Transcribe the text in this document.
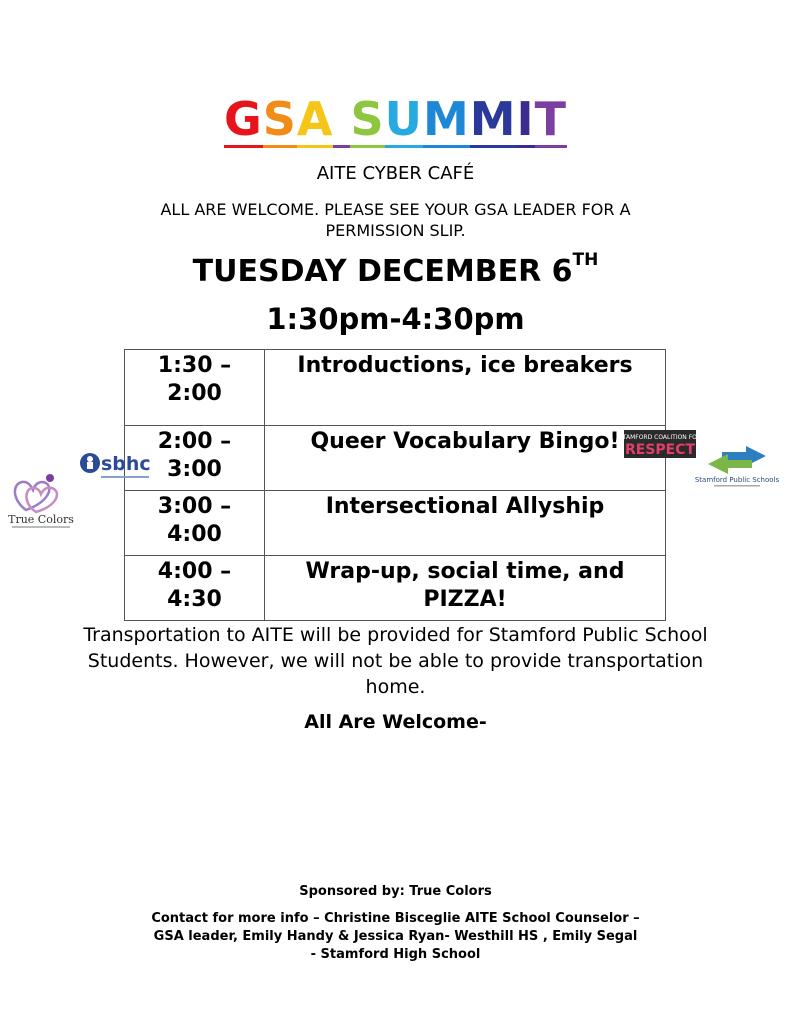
GSA SUMMIT
AITE CYBER CAFÉ
ALL ARE WELCOME. PLEASE SEE YOUR GSA LEADER FOR A PERMISSION SLIP.
TUESDAY DECEMBER 6TH
1:30pm-4:30pm
1:30 – 2:00	Introductions, ice breakers
2:00 – 3:00	Queer Vocabulary Bingo!
3:00 – 4:00	Intersectional Allyship
4:00 – 4:30	Wrap-up, social time, and PIZZA!
Transportation to AITE will be provided for Stamford Public School Students. However, we will not be able to provide transportation home.
All Are Welcome-
Sponsored by: True Colors
Contact for more info – Christine Bisceglie AITE School Counselor – GSA leader, Emily Handy & Jessica Ryan- Westhill HS , Emily Segal - Stamford High School
True Colors
sbhc
STAMFORD COALITION FOR
RESPECT
Stamford Public Schools
